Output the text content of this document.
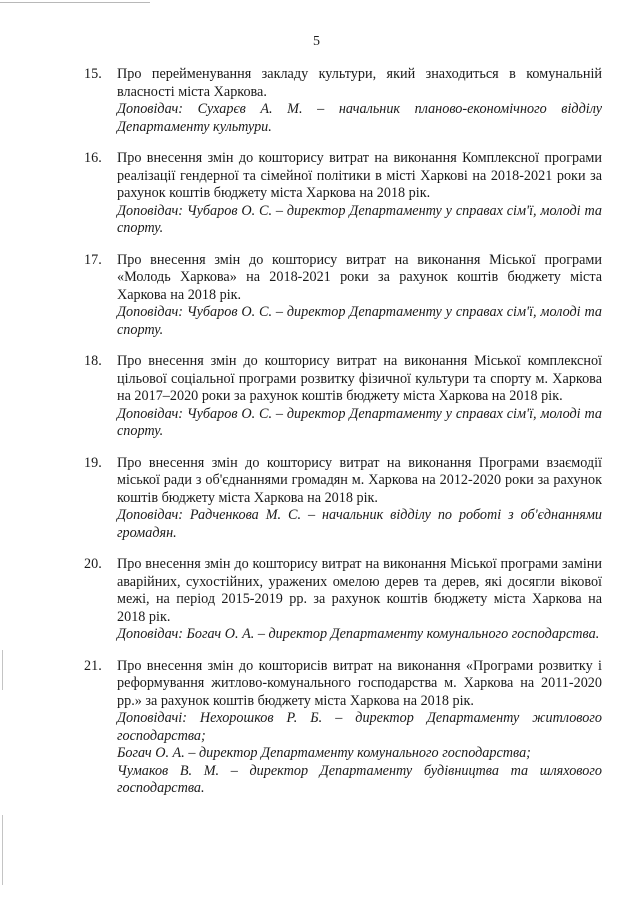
5
15.	Про перейменування закладу культури, який знаходиться в комунальній власності міста Харкова.
Доповідач: Сухарєв А. М. – начальник планово-економічного відділу Департаменту культури.
16.	Про внесення змін до кошторису витрат на виконання Комплексної програми реалізації гендерної та сімейної політики в місті Харкові на 2018-2021 роки за рахунок коштів бюджету міста Харкова на 2018 рік.
Доповідач: Чубаров О. С. – директор Департаменту у справах сім'ї, молоді та спорту.
17.	Про внесення змін до кошторису витрат на виконання Міської програми «Молодь Харкова» на 2018-2021 роки за рахунок коштів бюджету міста Харкова на 2018 рік.
Доповідач: Чубаров О. С. – директор Департаменту у справах сім'ї, молоді та спорту.
18.	Про внесення змін до кошторису витрат на виконання Міської комплексної цільової соціальної програми розвитку фізичної культури та спорту м. Харкова на 2017–2020 роки за рахунок коштів бюджету міста Харкова на 2018 рік.
Доповідач: Чубаров О. С. – директор Департаменту у справах сім'ї, молоді та спорту.
19.	Про внесення змін до кошторису витрат на виконання Програми взаємодії міської ради з об'єднаннями громадян м. Харкова на 2012-2020 роки за рахунок коштів бюджету міста Харкова на 2018 рік.
Доповідач: Радченкова М. С. – начальник відділу по роботі з об'єднаннями громадян.
20.	Про внесення змін до кошторису витрат на виконання Міської програми заміни аварійних, сухостійних, уражених омелою дерев та дерев, які досягли вікової межі, на період 2015-2019 рр. за рахунок коштів бюджету міста Харкова на 2018 рік.
Доповідач: Богач О. А. – директор Департаменту комунального господарства.
21.	Про внесення змін до кошторисів витрат на виконання «Програми розвитку і реформування житлово-комунального господарства м. Харкова на 2011-2020 рр.» за рахунок коштів бюджету міста Харкова на 2018 рік.
Доповідачі: Нехорошков Р. Б. – директор Департаменту житлового господарства;
Богач О. А. – директор Департаменту комунального господарства;
Чумаков В. М. – директор Департаменту будівництва та шляхового господарства.
